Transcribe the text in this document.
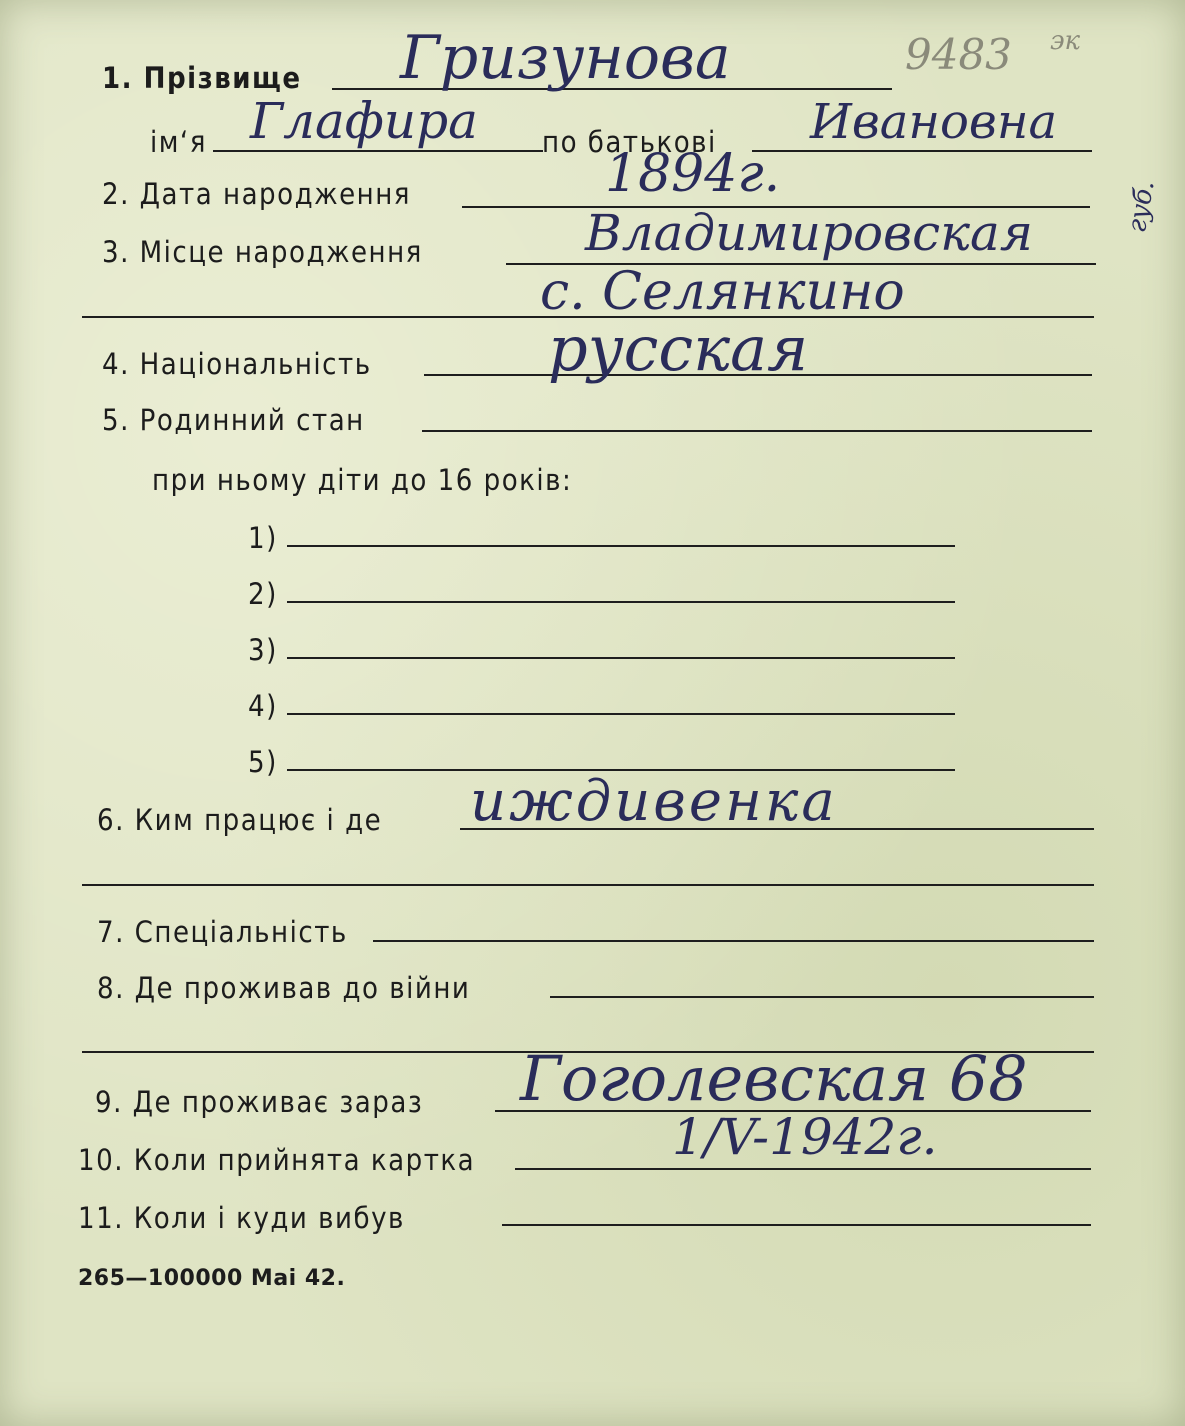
1. Прізвище Гризунова	9483 эк
ім‘я Глафира по батькові Ивановна
2. Дата народження	1894г.
3. Місце народження	Владимировская	губ.
с. Селянкино
4. Національність	русская
5. Родинний стан
при ньому діти до 16 років:
1)
2)
3)
4)
5)
6. Ким працює і де иждивенка
7. Спеціальність
8. Де проживав до війни
9. Де проживає зараз Гоголевская 68
10. Коли прийнята картка	1/V-1942г.
11. Коли і куди вибув
265—100000 Mai 42.
